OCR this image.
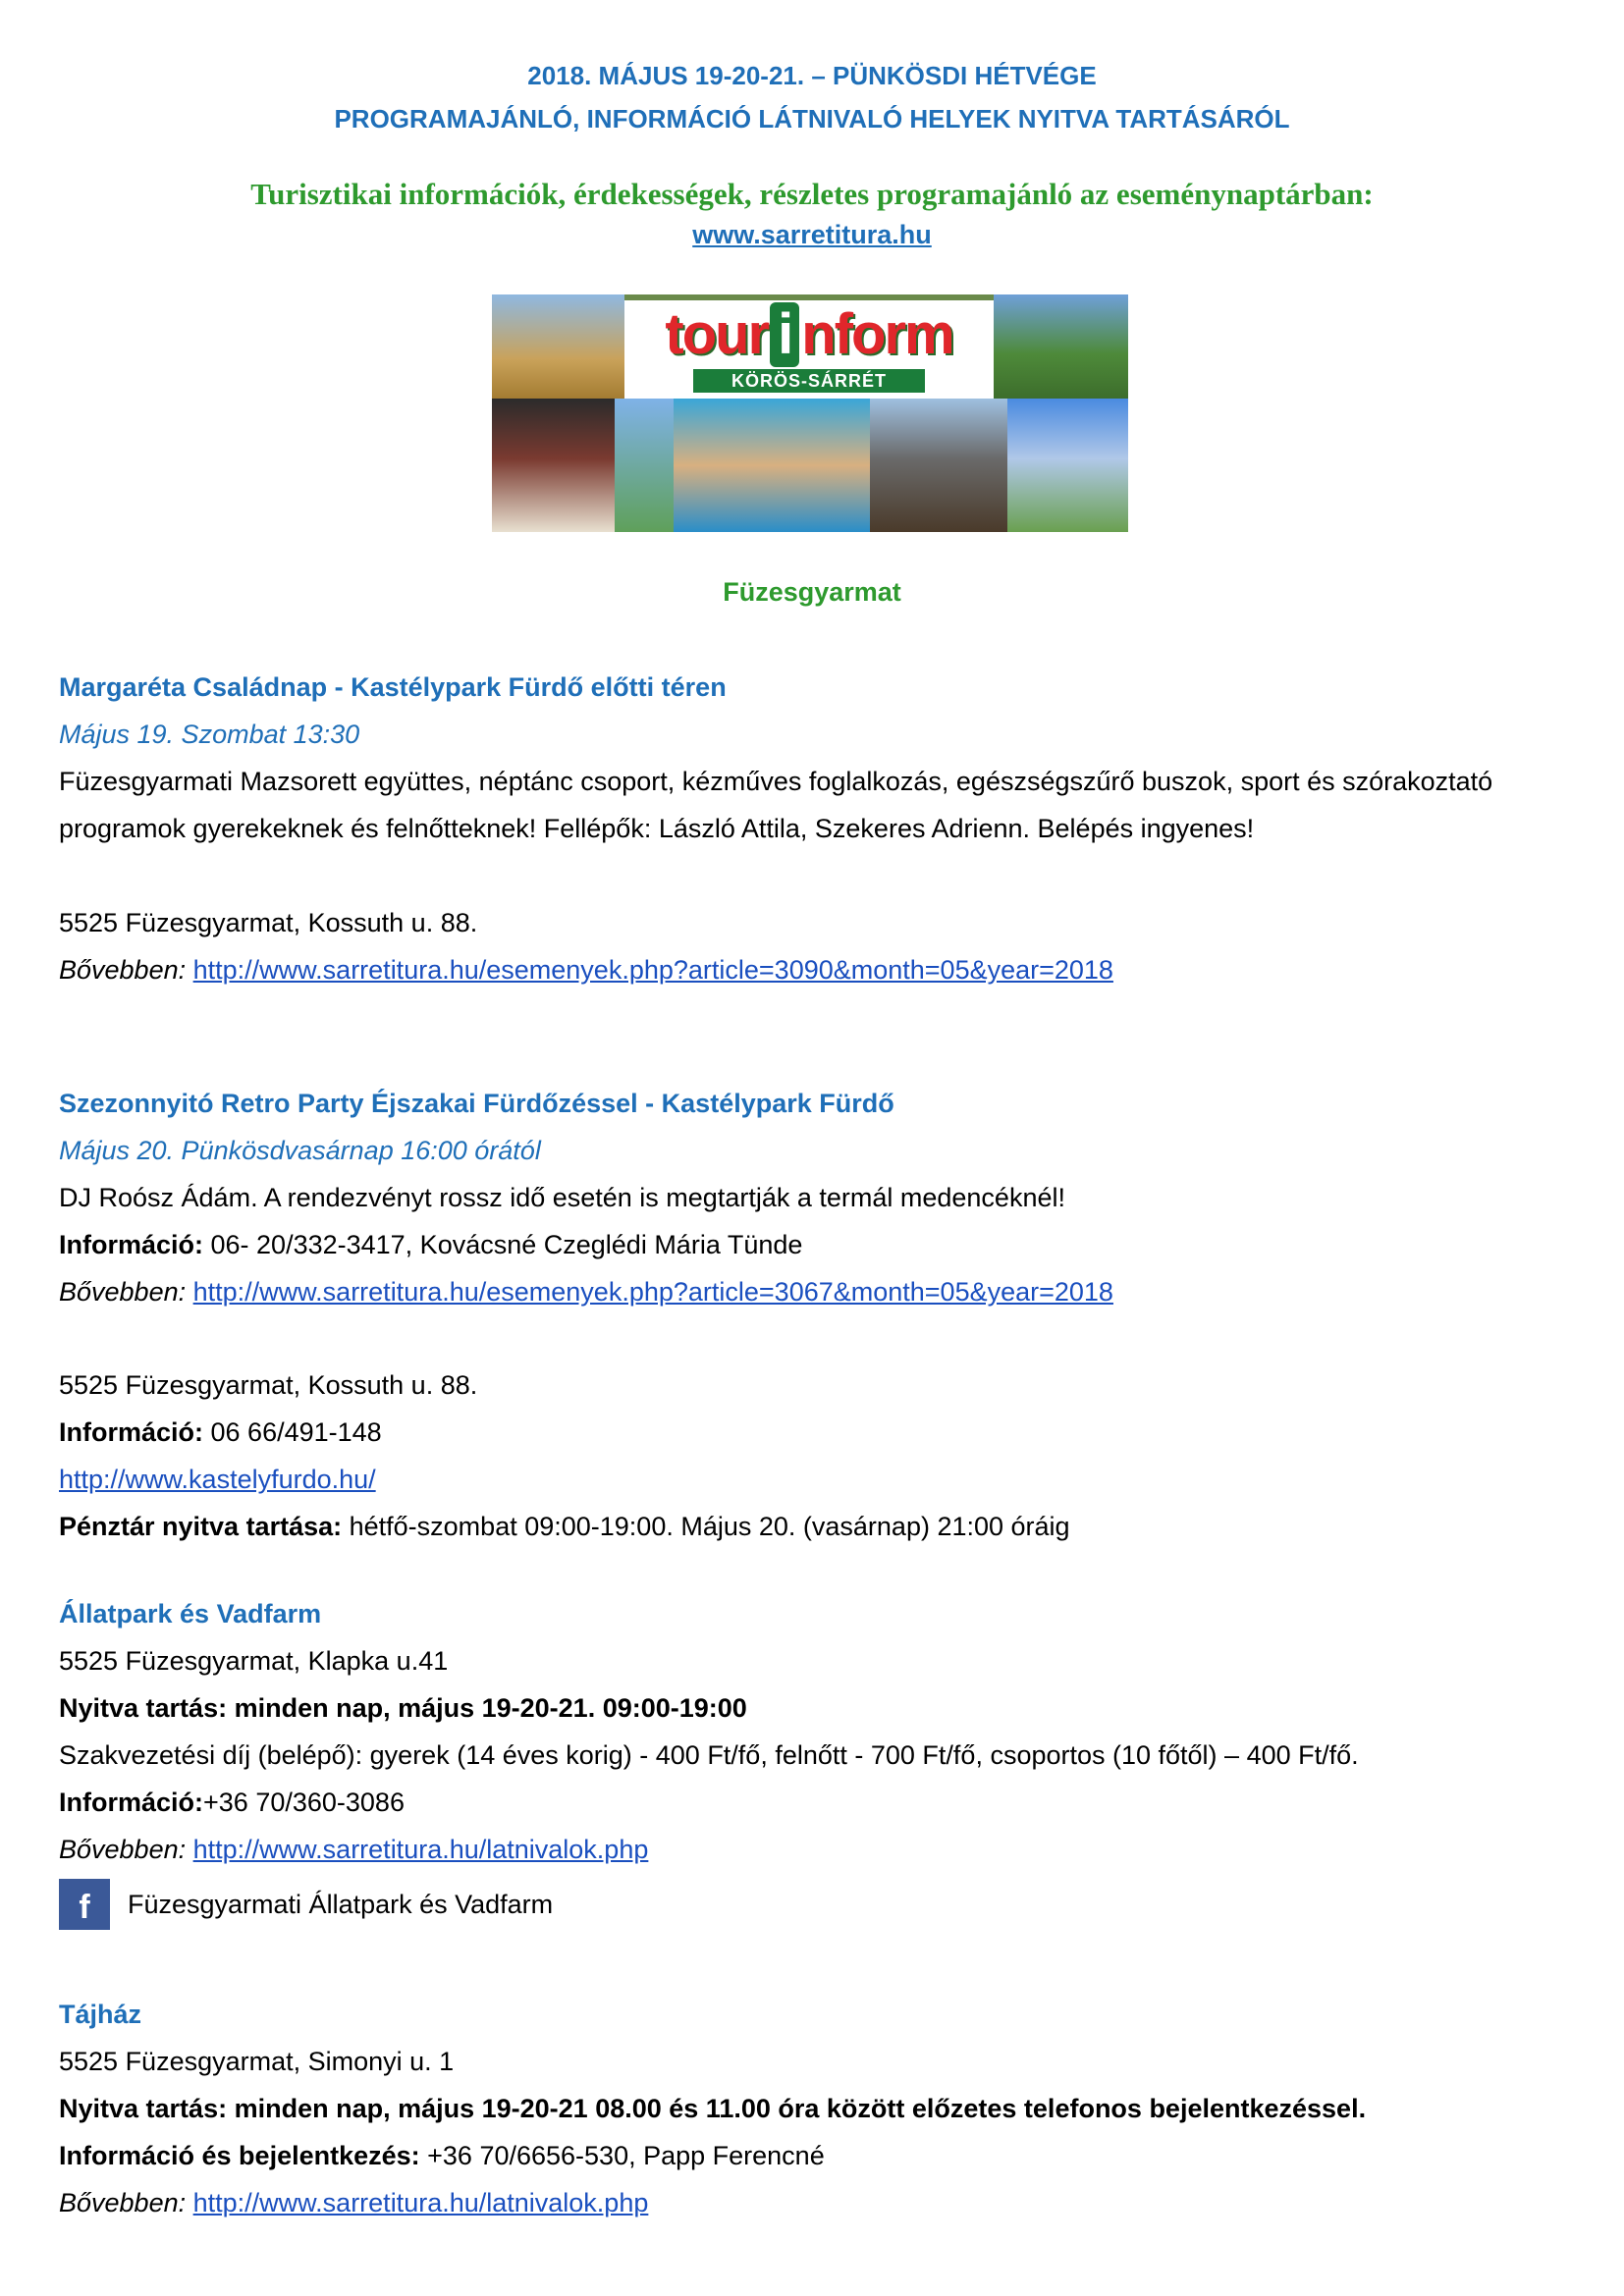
2018. MÁJUS 19-20-21. – PÜNKÖSDI HÉTVÉGE
PROGRAMAJÁNLÓ, INFORMÁCIÓ LÁTNIVALÓ HELYEK NYITVA TARTÁSÁRÓL
Turisztikai információk, érdekességek, részletes programajánló az eseménynaptárban:
www.sarretitura.hu
tour i nform
KÖRÖS-SÁRRÉT
Füzesgyarmat
Margaréta Családnap - Kastélypark Fürdő előtti téren
Május 19. Szombat 13:30
Füzesgyarmati Mazsorett együttes, néptánc csoport, kézműves foglalkozás, egészségszűrő buszok, sport és szórakoztató programok gyerekeknek és felnőtteknek! Fellépők: László Attila, Szekeres Adrienn. Belépés ingyenes!
5525 Füzesgyarmat, Kossuth u. 88.
Bővebben: http://www.sarretitura.hu/esemenyek.php?article=3090&month=05&year=2018
Szezonnyitó Retro Party Éjszakai Fürdőzéssel - Kastélypark Fürdő
Május 20. Pünkösdvasárnap 16:00 órától
DJ Roósz Ádám. A rendezvényt rossz idő esetén is megtartják a termál medencéknél!
Információ: 06- 20/332-3417, Kovácsné Czeglédi Mária Tünde
Bővebben: http://www.sarretitura.hu/esemenyek.php?article=3067&month=05&year=2018
5525 Füzesgyarmat, Kossuth u. 88.
Információ: 06 66/491-148
http://www.kastelyfurdo.hu/
Pénztár nyitva tartása: hétfő-szombat 09:00-19:00. Május 20. (vasárnap) 21:00 óráig
Állatpark és Vadfarm
5525 Füzesgyarmat, Klapka u.41
Nyitva tartás: minden nap, május 19-20-21. 09:00-19:00
Szakvezetési díj (belépő): gyerek (14 éves korig) - 400 Ft/fő, felnőtt - 700 Ft/fő, csoportos (10 főtől) – 400 Ft/fő.
Információ:+36 70/360-3086
Bővebben: http://www.sarretitura.hu/latnivalok.php
f	Füzesgyarmati Állatpark és Vadfarm
Tájház
5525 Füzesgyarmat, Simonyi u. 1
Nyitva tartás: minden nap, május 19-20-21 08.00 és 11.00 óra között előzetes telefonos bejelentkezéssel.
Információ és bejelentkezés: +36 70/6656-530, Papp Ferencné
Bővebben: http://www.sarretitura.hu/latnivalok.php
